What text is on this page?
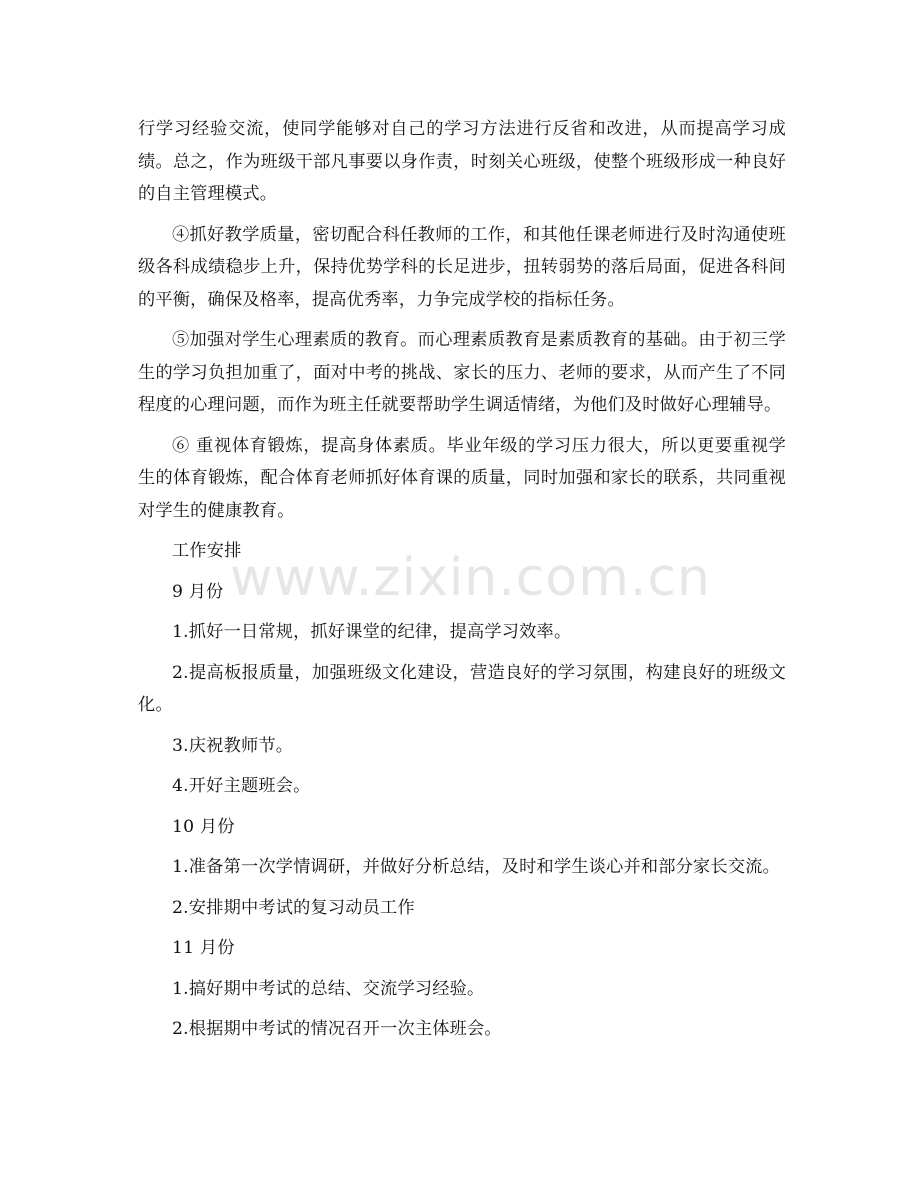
行学习经验交流，使同学能够对自己的学习方法进行反省和改进，从而提高学习成绩。总之，作为班级干部凡事要以身作责，时刻关心班级，使整个班级形成一种良好的自主管理模式。

④抓好教学质量，密切配合科任教师的工作，和其他任课老师进行及时沟通使班级各科成绩稳步上升，保持优势学科的长足进步，扭转弱势的落后局面，促进各科间的平衡，确保及格率，提高优秀率，力争完成学校的指标任务。

⑤加强对学生心理素质的教育。而心理素质教育是素质教育的基础。由于初三学生的学习负担加重了，面对中考的挑战、家长的压力、老师的要求，从而产生了不同程度的心理问题，而作为班主任就要帮助学生调适情绪，为他们及时做好心理辅导。

⑥ 重视体育锻炼，提高身体素质。毕业年级的学习压力很大，所以更要重视学生的体育锻炼，配合体育老师抓好体育课的质量，同时加强和家长的联系，共同重视对学生的健康教育。

工作安排

9 月份

1.抓好一日常规，抓好课堂的纪律，提高学习效率。

2.提高板报质量，加强班级文化建设，营造良好的学习氛围，构建良好的班级文化。

3.庆祝教师节。

4.开好主题班会。

10 月份

1.准备第一次学情调研，并做好分析总结，及时和学生谈心并和部分家长交流。

2.安排期中考试的复习动员工作

11 月份

1.搞好期中考试的总结、交流学习经验。

2.根据期中考试的情况召开一次主体班会。

www.zixin.com.cn
